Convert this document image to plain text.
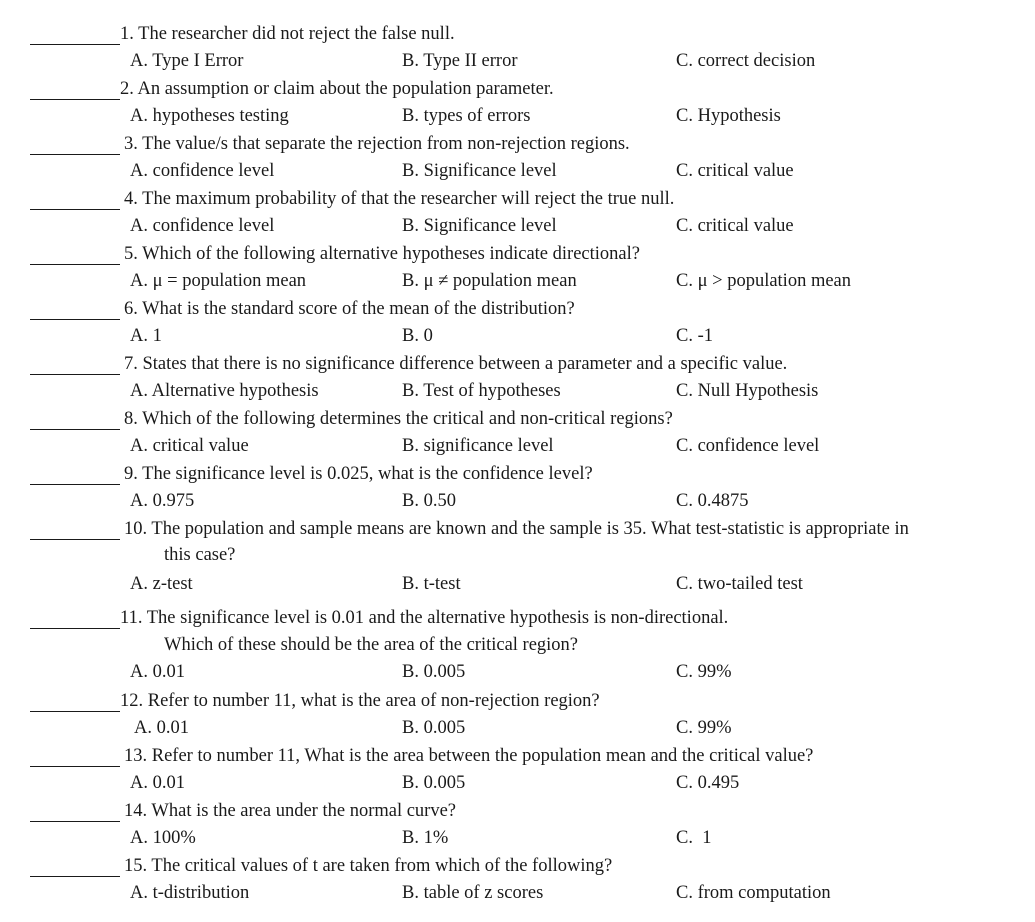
1. The researcher did not reject the false null.
A. Type I Error	B. Type II error	C. correct decision
2. An assumption or claim about the population parameter.
A. hypotheses testing	B. types of errors	C. Hypothesis
3. The value/s that separate the rejection from non-rejection regions.
A. confidence level	B. Significance level	C. critical value
4. The maximum probability of that the researcher will reject the true null.
A. confidence level	B. Significance level	C. critical value
5. Which of the following alternative hypotheses indicate directional?
A. μ = population mean	B. μ ≠ population mean	C. μ > population mean
6. What is the standard score of the mean of the distribution?
A. 1	B. 0	C. -1
7. States that there is no significance difference between a parameter and a specific value.
A. Alternative hypothesis	B. Test of hypotheses	C. Null Hypothesis
8. Which of the following determines the critical and non-critical regions?
A. critical value	B. significance level	C. confidence level
9. The significance level is 0.025, what is the confidence level?
A. 0.975	B. 0.50	C. 0.4875
10. The population and sample means are known and the sample is 35. What test-statistic is appropriate in
this case?
A. z-test	B. t-test	C. two-tailed test
11. The significance level is 0.01 and the alternative hypothesis is non-directional.
Which of these should be the area of the critical region?
A. 0.01	B. 0.005	C. 99%
12. Refer to number 11, what is the area of non-rejection region?
A. 0.01	B. 0.005	C. 99%
13. Refer to number 11, What is the area between the population mean and the critical value?
A. 0.01	B. 0.005	C. 0.495
14. What is the area under the normal curve?
A. 100%	B. 1%	C.  1
15. The critical values of t are taken from which of the following?
A. t-distribution	B. table of z scores	C. from computation
